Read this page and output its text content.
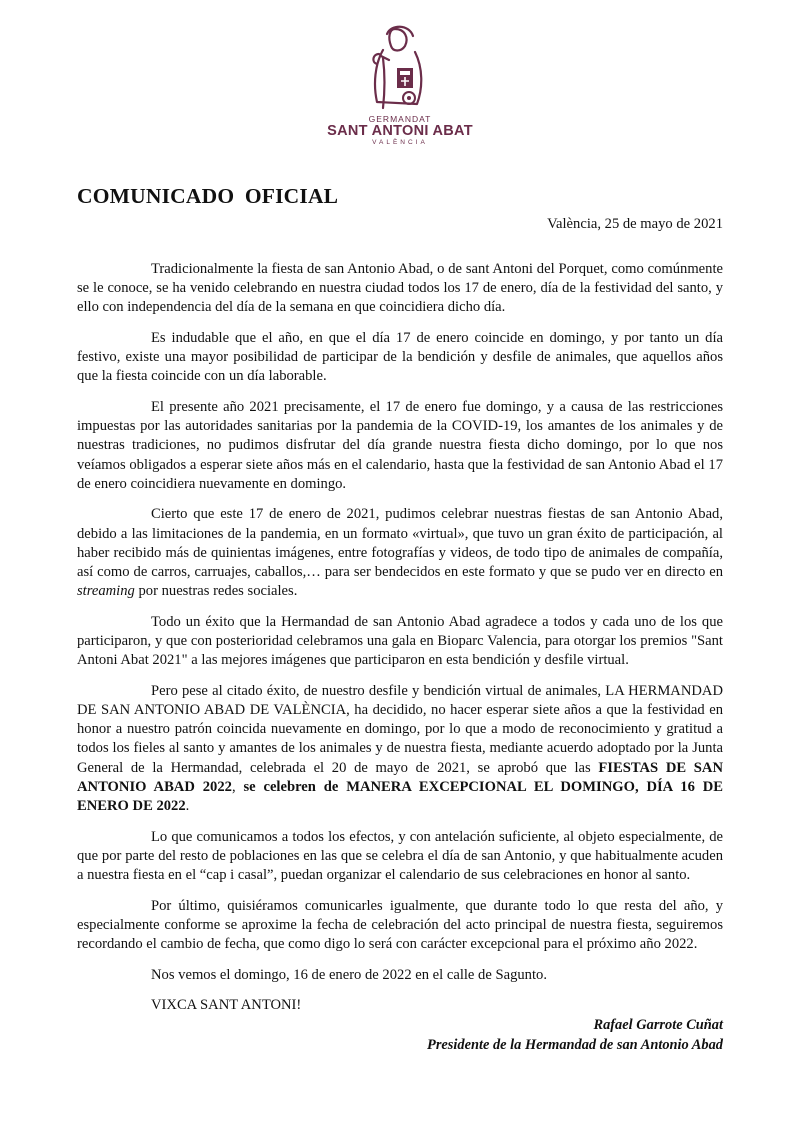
GERMANDAT
SANT ANTONI ABAT
VALÈNCIA
COMUNICADO OFICIAL
València, 25 de mayo de 2021

Tradicionalmente la fiesta de san Antonio Abad, o de sant Antoni del Porquet, como comúnmente se le conoce, se ha venido celebrando en nuestra ciudad todos los 17 de enero, día de la festividad del santo, y ello con independencia del día de la semana en que coincidiera dicho día.

Es indudable que el año, en que el día 17 de enero coincide en domingo, y por tanto un día festivo, existe una mayor posibilidad de participar de la bendición y desfile de animales, que aquellos años que la fiesta coincide con un día laborable.

El presente año 2021 precisamente, el 17 de enero fue domingo, y a causa de las restricciones impuestas por las autoridades sanitarias por la pandemia de la COVID-19, los amantes de los animales y de nuestras tradiciones, no pudimos disfrutar del día grande nuestra fiesta dicho domingo, por lo que nos veíamos obligados a esperar siete años más en el calendario, hasta que la festividad de san Antonio Abad el 17 de enero coincidiera nuevamente en domingo.

Cierto que este 17 de enero de 2021, pudimos celebrar nuestras fiestas de san Antonio Abad, debido a las limitaciones de la pandemia, en un formato «virtual», que tuvo un gran éxito de participación, al haber recibido más de quinientas imágenes, entre fotografías y videos, de todo tipo de animales de compañía, así como de carros, carruajes, caballos,… para ser bendecidos en este formato y que se pudo ver en directo en streaming por nuestras redes sociales.

Todo un éxito que la Hermandad de san Antonio Abad agradece a todos y cada uno de los que participaron, y que con posterioridad celebramos una gala en Bioparc Valencia, para otorgar los premios "Sant Antoni Abat 2021" a las mejores imágenes que participaron en esta bendición y desfile virtual.

Pero pese al citado éxito, de nuestro desfile y bendición virtual de animales, LA HERMANDAD DE SAN ANTONIO ABAD DE VALÈNCIA, ha decidido, no hacer esperar siete años a que la festividad en honor a nuestro patrón coincida nuevamente en domingo, por lo que a modo de reconocimiento y gratitud a todos los fieles al santo y amantes de los animales y de nuestra fiesta, mediante acuerdo adoptado por la Junta General de la Hermandad, celebrada el 20 de mayo de 2021, se aprobó que las FIESTAS DE SAN ANTONIO ABAD 2022, se celebren de MANERA EXCEPCIONAL EL DOMINGO, DÍA 16 DE ENERO DE 2022.

Lo que comunicamos a todos los efectos, y con antelación suficiente, al objeto especialmente, de que por parte del resto de poblaciones en las que se celebra el día de san Antonio, y que habitualmente acuden a nuestra fiesta en el “cap i casal”, puedan organizar el calendario de sus celebraciones en honor al santo.

Por último, quisiéramos comunicarles igualmente, que durante todo lo que resta del año, y especialmente conforme se aproxime la fecha de celebración del acto principal de nuestra fiesta, seguiremos recordando el cambio de fecha, que como digo lo será con carácter excepcional para el próximo año 2022.

Nos vemos el domingo, 16 de enero de 2022 en el calle de Sagunto.

VIXCA SANT ANTONI!

Rafael Garrote Cuñat
Presidente de la Hermandad de san Antonio Abad
